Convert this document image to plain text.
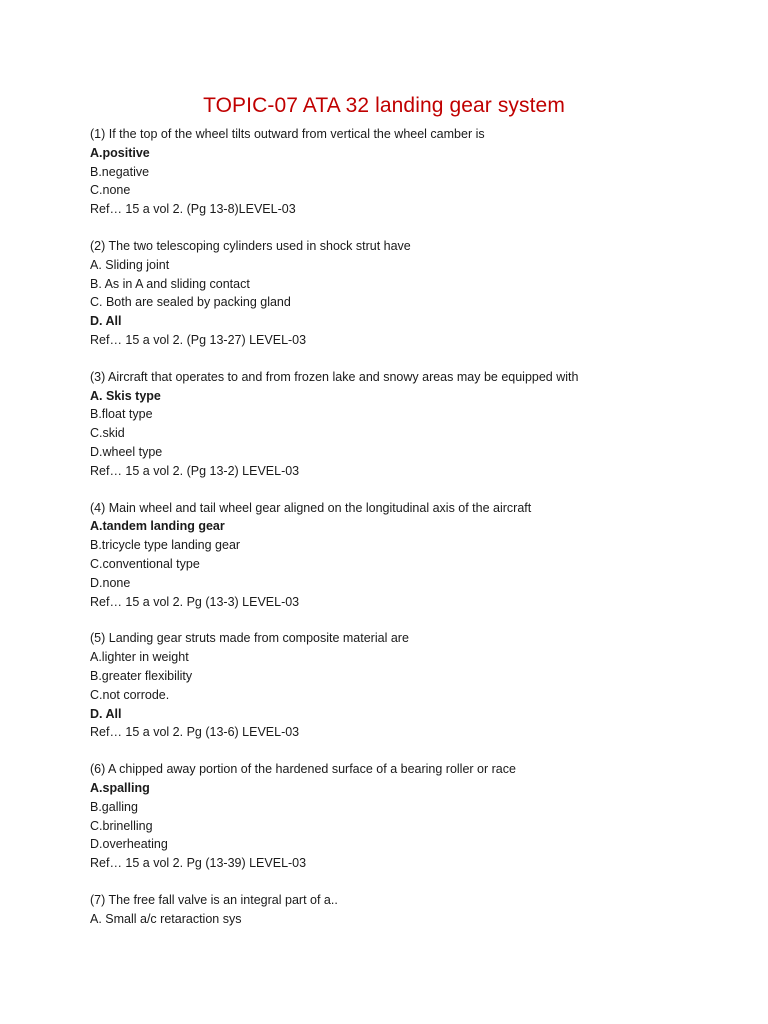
TOPIC-07 ATA 32 landing gear system
(1) If the top of the wheel tilts outward from vertical the wheel camber is
A.positive
B.negative
C.none
Ref… 15 a vol 2. (Pg 13-8)LEVEL-03
(2) The two telescoping cylinders used in shock strut have
A. Sliding joint
B. As in A and sliding contact
C. Both are sealed by packing gland
D. All
Ref… 15 a vol 2. (Pg 13-27) LEVEL-03
(3) Aircraft that operates to and from frozen lake and snowy areas may be equipped with
A. Skis type
B.float type
C.skid
D.wheel type
Ref… 15 a vol 2. (Pg 13-2) LEVEL-03
(4) Main wheel and tail wheel gear aligned on the longitudinal axis of the aircraft
A.tandem landing gear
B.tricycle type landing gear
C.conventional type
D.none
Ref… 15 a vol 2. Pg (13-3) LEVEL-03
(5) Landing gear struts made from composite material are
A.lighter in weight
B.greater flexibility
C.not corrode.
D. All
Ref… 15 a vol 2. Pg (13-6) LEVEL-03
(6) A chipped away portion of the hardened surface of a bearing roller or race
A.spalling
B.galling
C.brinelling
D.overheating
Ref… 15 a vol 2. Pg (13-39) LEVEL-03
(7) The free fall valve is an integral part of a..
A. Small a/c retaraction sys
